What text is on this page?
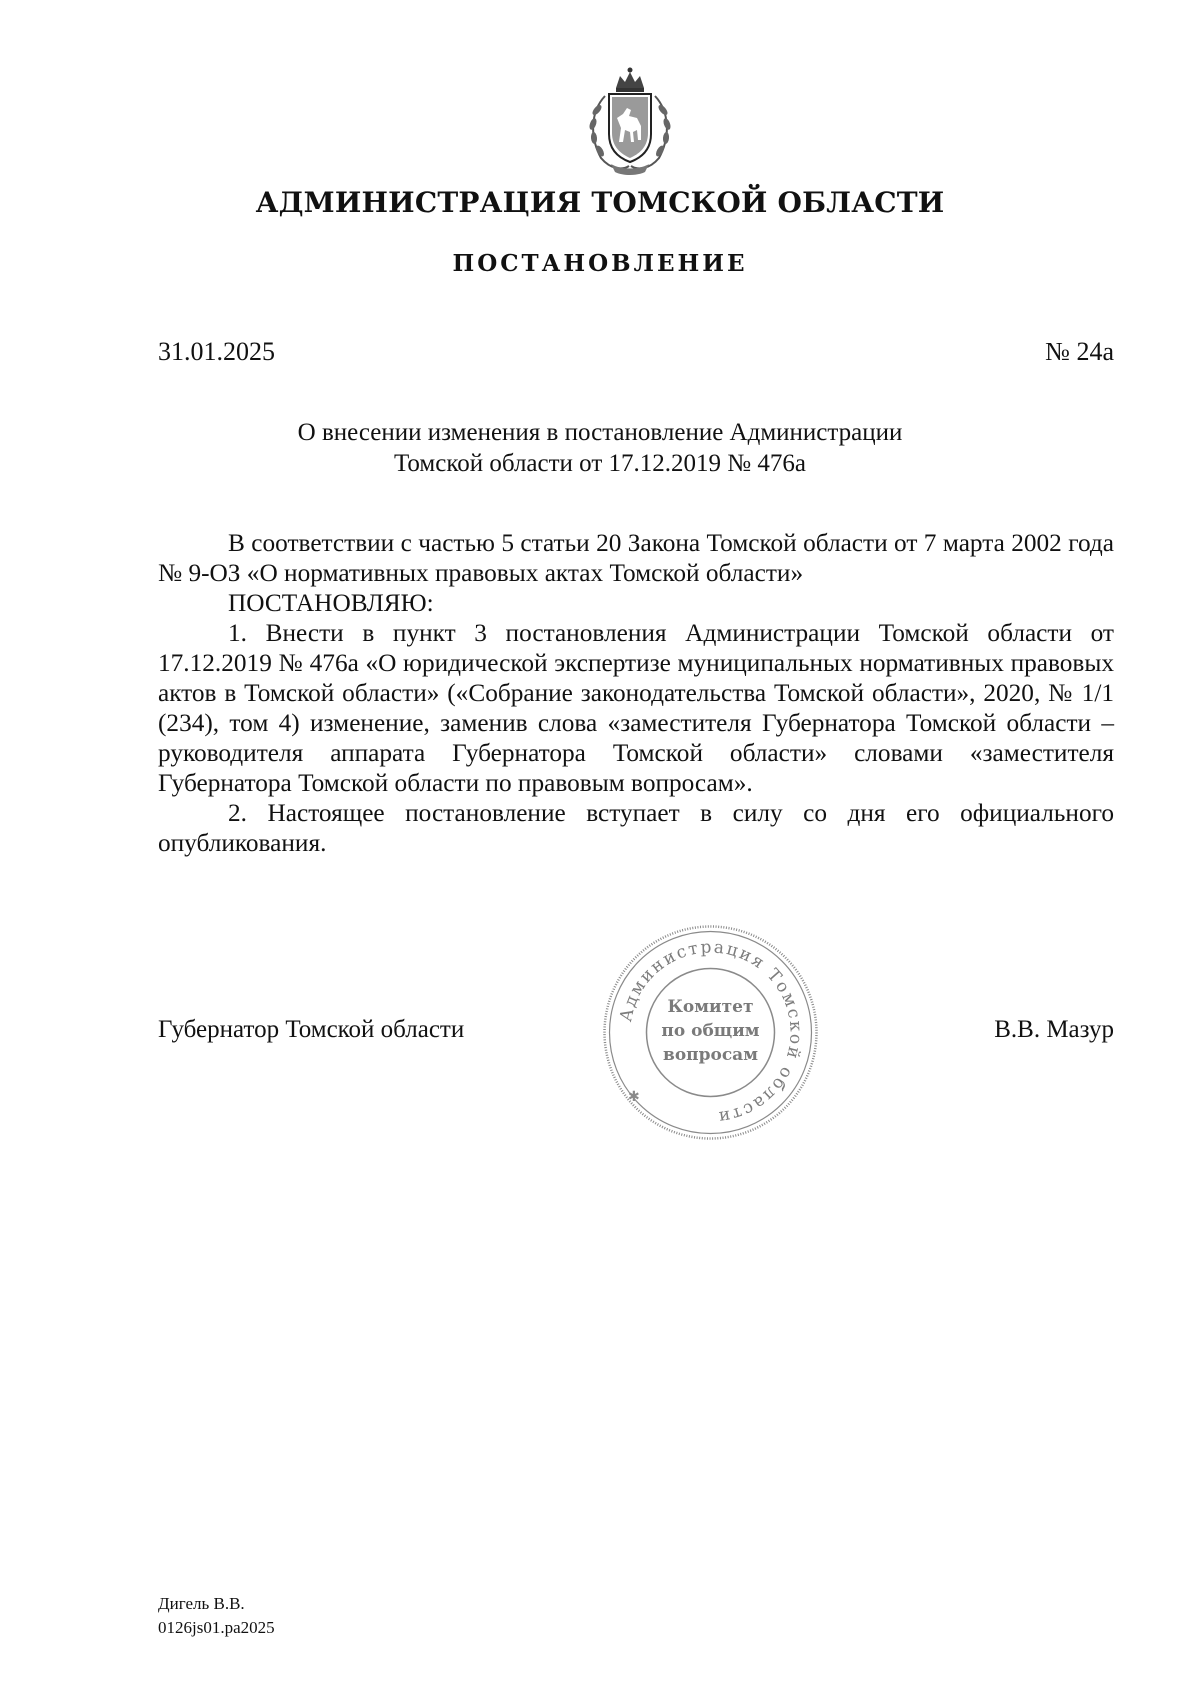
АДМИНИСТРАЦИЯ ТОМСКОЙ ОБЛАСТИ
ПОСТАНОВЛЕНИЕ
31.01.2025	№ 24а
О внесении изменения в постановление Администрации
Томской области от 17.12.2019 № 476а

В соответствии с частью 5 статьи 20 Закона Томской области от 7 марта 2002 года № 9-ОЗ «О нормативных правовых актах Томской области»

ПОСТАНОВЛЯЮ:

1. Внести в пункт 3 постановления Администрации Томской области от 17.12.2019 № 476а «О юридической экспертизе муниципальных нормативных правовых актов в Томской области» («Собрание законодательства Томской области», 2020, № 1/1 (234), том 4) изменение, заменив слова «заместителя Губернатора Томской области – руководителя аппарата Губернатора Томской области» словами «заместителя Губернатора Томской области по правовым вопросам».

2. Настоящее постановление вступает в силу со дня его официального опубликования.

Губернатор Томской области	В.В. Мазур
Администрация Томской области
✱
Комитет
по общим
вопросам
Дигель В.В.
0126js01.ра2025
